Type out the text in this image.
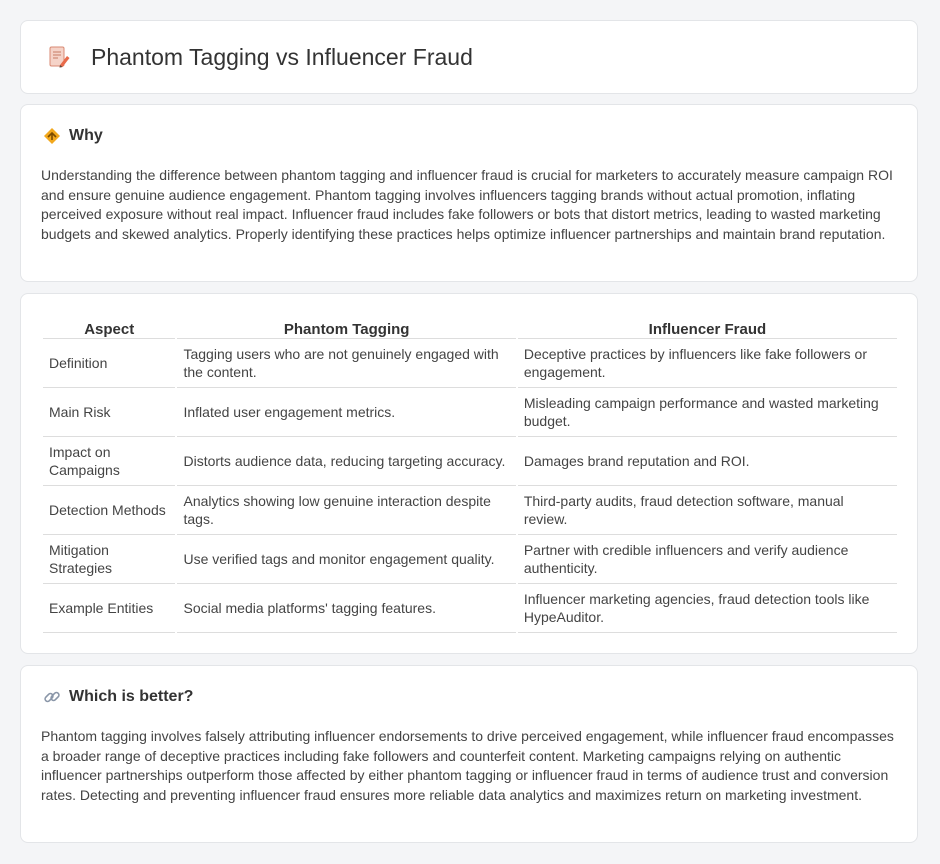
Phantom Tagging vs Influencer Fraud
Why

Understanding the difference between phantom tagging and influencer fraud is crucial for marketers to accurately measure campaign ROI and ensure genuine audience engagement. Phantom tagging involves influencers tagging brands without actual promotion, inflating perceived exposure without real impact. Influencer fraud includes fake followers or bots that distort metrics, leading to wasted marketing budgets and skewed analytics. Properly identifying these practices helps optimize influencer partnerships and maintain brand reputation.

Aspect	Phantom Tagging	Influencer Fraud
Definition	Tagging users who are not genuinely engaged with the content.	Deceptive practices by influencers like fake followers or engagement.
Main Risk	Inflated user engagement metrics.	Misleading campaign performance and wasted marketing budget.
Impact on Campaigns	Distorts audience data, reducing targeting accuracy.	Damages brand reputation and ROI.
Detection Methods	Analytics showing low genuine interaction despite tags.	Third-party audits, fraud detection software, manual review.
Mitigation Strategies	Use verified tags and monitor engagement quality.	Partner with credible influencers and verify audience authenticity.
Example Entities	Social media platforms' tagging features.	Influencer marketing agencies, fraud detection tools like HypeAuditor.
Which is better?

Phantom tagging involves falsely attributing influencer endorsements to drive perceived engagement, while influencer fraud encompasses a broader range of deceptive practices including fake followers and counterfeit content. Marketing campaigns relying on authentic influencer partnerships outperform those affected by either phantom tagging or influencer fraud in terms of audience trust and conversion rates. Detecting and preventing influencer fraud ensures more reliable data analytics and maximizes return on marketing investment.
